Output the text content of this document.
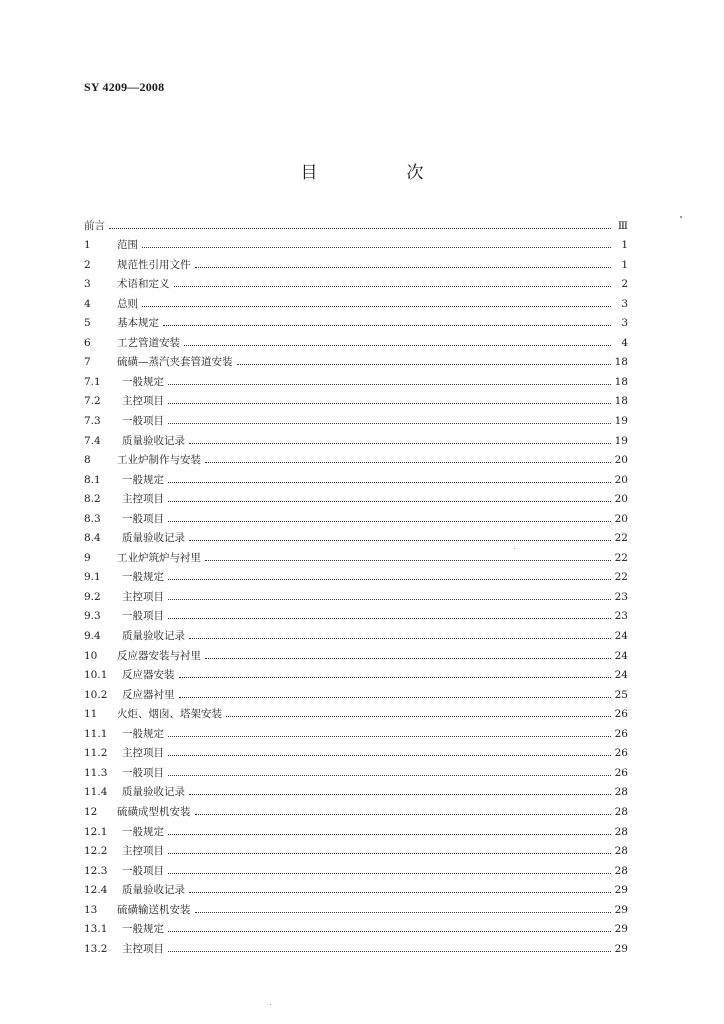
SY 4209—2008
目　次
前言	Ⅲ
1	范围	1
2	规范性引用文件	1
3	术语和定义	2
4	总则	3
5	基本规定	3
6	工艺管道安装	4
7	硫磺—蒸汽夹套管道安装	18
7.1	一般规定	18
7.2	主控项目	18
7.3	一般项目	19
7.4	质量验收记录	19
8	工业炉制作与安装	20
8.1	一般规定	20
8.2	主控项目	20
8.3	一般项目	20
8.4	质量验收记录	22
9	工业炉筑炉与衬里	22
9.1	一般规定	22
9.2	主控项目	23
9.3	一般项目	23
9.4	质量验收记录	24
10	反应器安装与衬里	24
10.1	反应器安装	24
10.2	反应器衬里	25
11	火炬、烟囱、塔架安装	26
11.1	一般规定	26
11.2	主控项目	26
11.3	一般项目	26
11.4	质量验收记录	28
12	硫磺成型机安装	28
12.1	一般规定	28
12.2	主控项目	28
12.3	一般项目	28
12.4	质量验收记录	29
13	硫磺输送机安装	29
13.1	一般规定	29
13.2	主控项目	29
